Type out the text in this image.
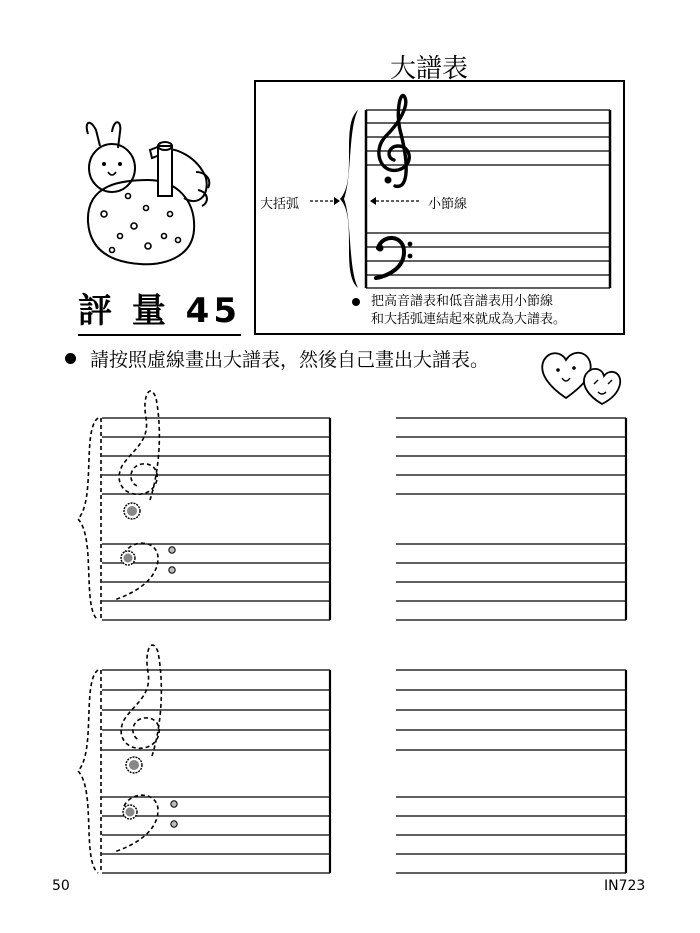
大譜表
大括弧	小節線
把高音譜表和低音譜表用小節線
和大括弧連結起來就成為大譜表。
評 量 45
請按照虛線畫出大譜表，然後自己畫出大譜表。
50	IN723
